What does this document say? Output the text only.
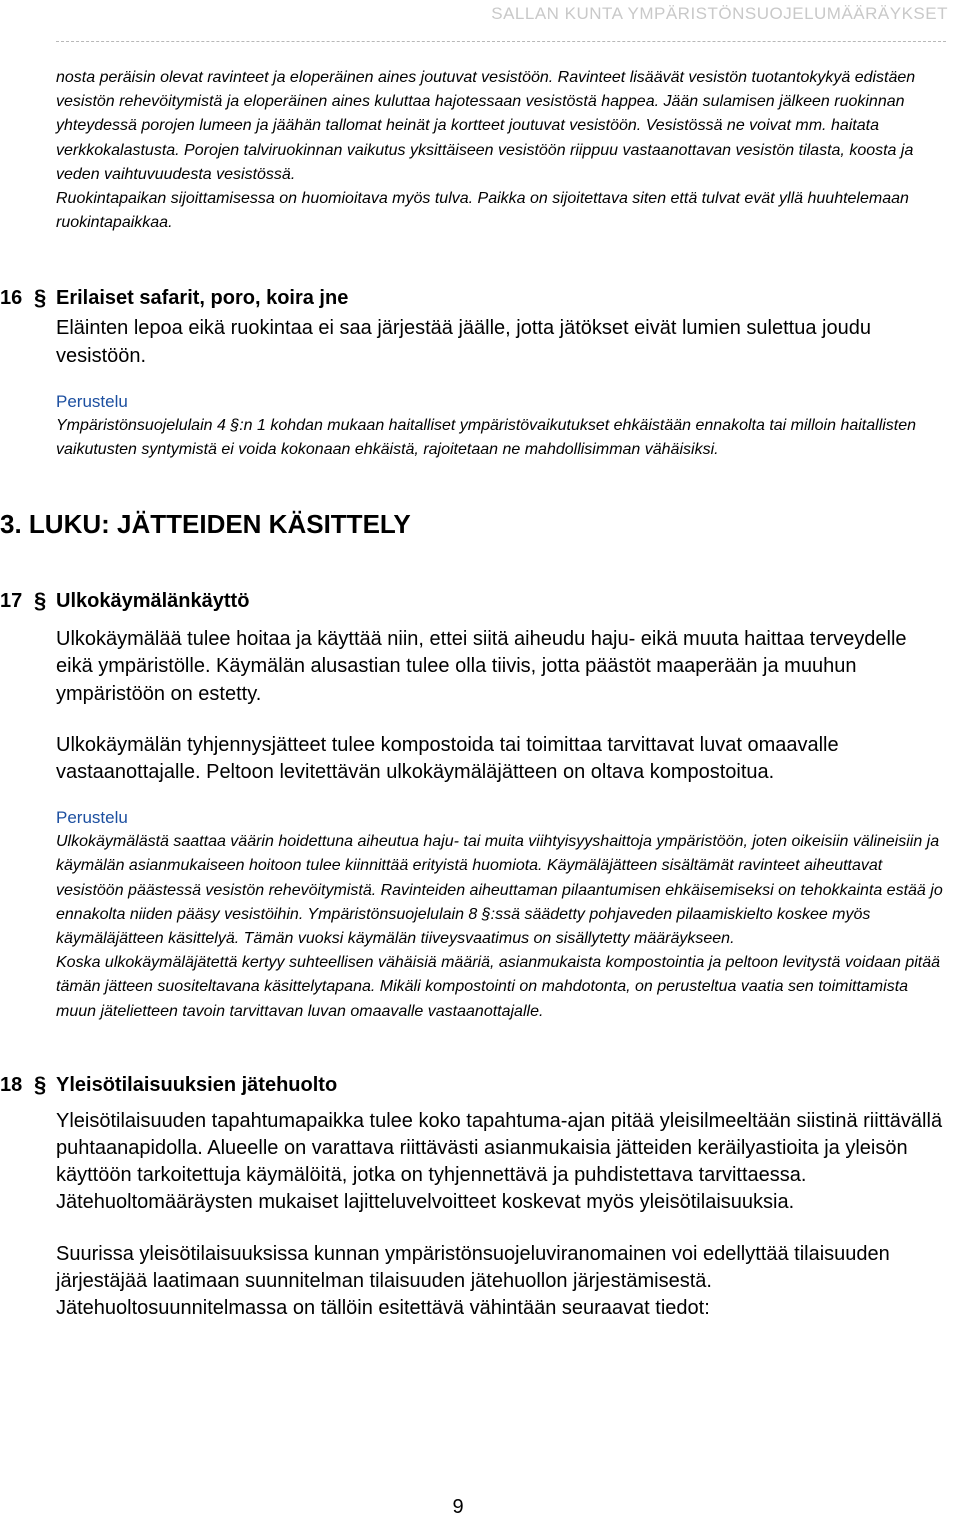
SALLAN KUNTA YMPÄRISTÖNSUOJELUMÄÄRÄYKSET

nosta peräisin olevat ravinteet ja eloperäinen aines joutuvat vesistöön. Ravinteet lisäävät vesistön tuotantokykyä edistäen vesistön rehevöitymistä ja eloperäinen aines kuluttaa hajotessaan vesistöstä happea. Jään sulamisen jälkeen ruokinnan yhteydessä porojen lumeen ja jäähän tallomat heinät ja kortteet joutuvat vesistöön. Vesistössä ne voivat mm. haitata verkkokalastusta. Porojen talviruokinnan vaikutus yksittäiseen vesistöön riippuu vastaanottavan vesistön tilasta, koosta ja veden vaihtuvuudesta vesistössä.

Ruokintapaikan sijoittamisessa on huomioitava myös tulva. Paikka on sijoitettava siten että tulvat evät yllä huuhtelemaan ruokintapaikkaa.

16 § Erilaiset safarit, poro, koira jne

Eläinten lepoa eikä ruokintaa ei saa järjestää jäälle, jotta jätökset eivät lumien sulettua joudu vesistöön.

Perustelu

Ympäristönsuojelulain 4 §:n 1 kohdan mukaan haitalliset ympäristövaikutukset ehkäistään ennakolta tai milloin haitallisten vaikutusten syntymistä ei voida kokonaan ehkäistä, rajoitetaan ne mahdollisimman vähäisiksi.

3. LUKU: JÄTTEIDEN KÄSITTELY

17 § Ulkokäymälänkäyttö

Ulkokäymälää tulee hoitaa ja käyttää niin, ettei siitä aiheudu haju- eikä muuta haittaa terveydelle eikä ympäristölle. Käymälän alusastian tulee olla tiivis, jotta päästöt maaperään ja muuhun ympäristöön on estetty.

Ulkokäymälän tyhjennysjätteet tulee kompostoida tai toimittaa tarvittavat luvat omaavalle vastaanottajalle. Peltoon levitettävän ulkokäymäläjätteen on oltava kompostoitua.

Perustelu

Ulkokäymälästä saattaa väärin hoidettuna aiheutua haju- tai muita viihtyisyyshaittoja ympäristöön, joten oikeisiin välineisiin ja käymälän asianmukaiseen hoitoon tulee kiinnittää erityistä huomiota. Käymäläjätteen sisältämät ravinteet aiheuttavat vesistöön päästessä vesistön rehevöitymistä. Ravinteiden aiheuttaman pilaantumisen ehkäisemiseksi on tehokkainta estää jo ennakolta niiden pääsy vesistöihin. Ympäristönsuojelulain 8 §:ssä säädetty pohjaveden pilaamiskielto koskee myös käymäläjätteen käsittelyä. Tämän vuoksi käymälän tiiveysvaatimus on sisällytetty määräykseen.

Koska ulkokäymäläjätettä kertyy suhteellisen vähäisiä määriä, asianmukaista kompostointia ja peltoon levitystä voidaan pitää tämän jätteen suositeltavana käsittelytapana. Mikäli kompostointi on mahdotonta, on perusteltua vaatia sen toimittamista muun jätelietteen tavoin tarvittavan luvan omaavalle vastaanottajalle.

18 § Yleisötilaisuuksien jätehuolto

Yleisötilaisuuden tapahtumapaikka tulee koko tapahtuma-ajan pitää yleisilmeeltään siistinä riittävällä puhtaanapidolla. Alueelle on varattava riittävästi asianmukaisia jätteiden keräilyastioita ja yleisön käyttöön tarkoitettuja käymälöitä, jotka on tyhjennettävä ja puhdistettava tarvittaessa. Jätehuoltomääräysten mukaiset lajitteluvelvoitteet koskevat myös yleisötilaisuuksia.

Suurissa yleisötilaisuuksissa kunnan ympäristönsuojeluviranomainen voi edellyttää tilaisuuden järjestäjää laatimaan suunnitelman tilaisuuden jätehuollon järjestämisestä. Jätehuoltosuunnitelmassa on tällöin esitettävä vähintään seuraavat tiedot:

9
